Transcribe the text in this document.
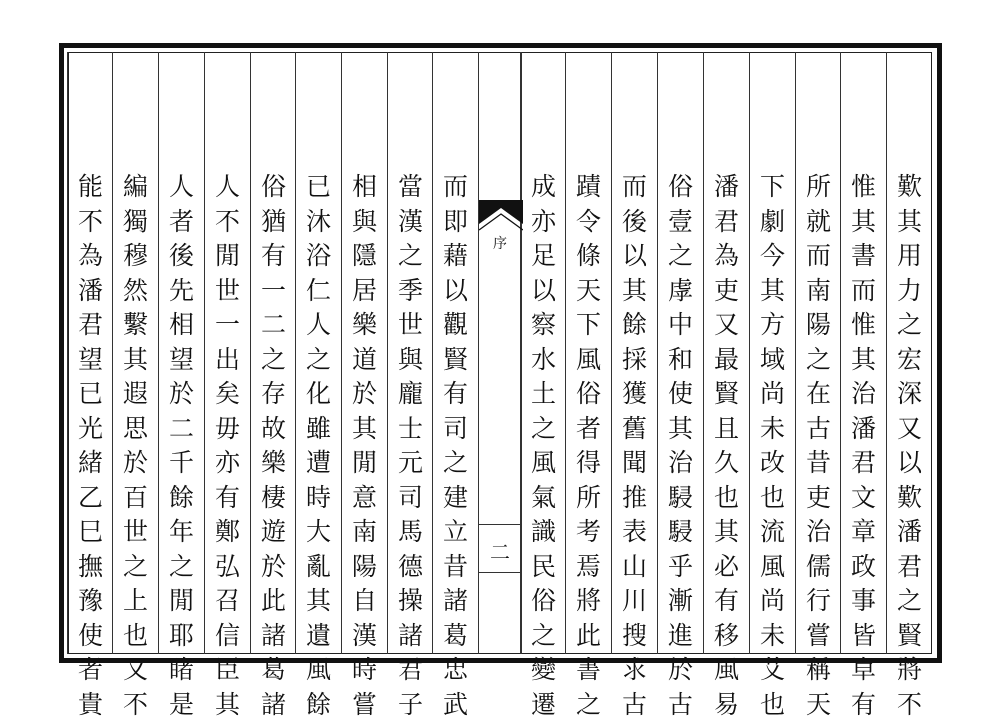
歎
其
用
力
之
宏
深
又
以
歎
潘
君
之
賢
將
不
惟
其
書
而
惟
其
治
潘
君
文
章
政
事
皆
卓
有
所
就
而
南
陽
之
在
古
昔
吏
治
儒
行
嘗
稱
天
下
劇
今
其
方
域
尚
未
改
也
流
風
尚
未
艾
也
潘
君
為
吏
又
最
賢
且
久
也
其
必
有
移
風
易
俗
壹
之
虖
中
和
使
其
治
駸
駸
乎
漸
進
於
古
而
後
以
其
餘
採
獲
舊
聞
推
表
山
川
搜
求
古
蹟
令
條
天
下
風
俗
者
得
所
考
焉
將
此
書
之
成
亦
足
以
察
水
土
之
風
氣
識
民
俗
之
變
遷
而
即
藉
以
觀
賢
有
司
之
建
立
昔
諸
葛
忠
武
當
漢
之
季
世
與
龐
士
元
司
馬
德
操
諸
君
子
相
與
隱
居
樂
道
於
其
閒
意
南
陽
自
漢
時
嘗
已
沐
浴
仁
人
之
化
雖
遭
時
大
亂
其
遺
風
餘
俗
猶
有
一
二
之
存
故
樂
棲
遊
於
此
諸
葛
諸
人
不
閒
世
一
出
矣
毋
亦
有
鄭
弘
召
信
臣
其
人
者
後
先
相
望
於
二
千
餘
年
之
閒
耶
睹
是
編
獨
穆
然
繫
其
遐
思
於
百
世
之
上
也
又
不
能
不
為
潘
君
望
已
光
緒
乙
巳
撫
豫
使
者
貴
序
二
